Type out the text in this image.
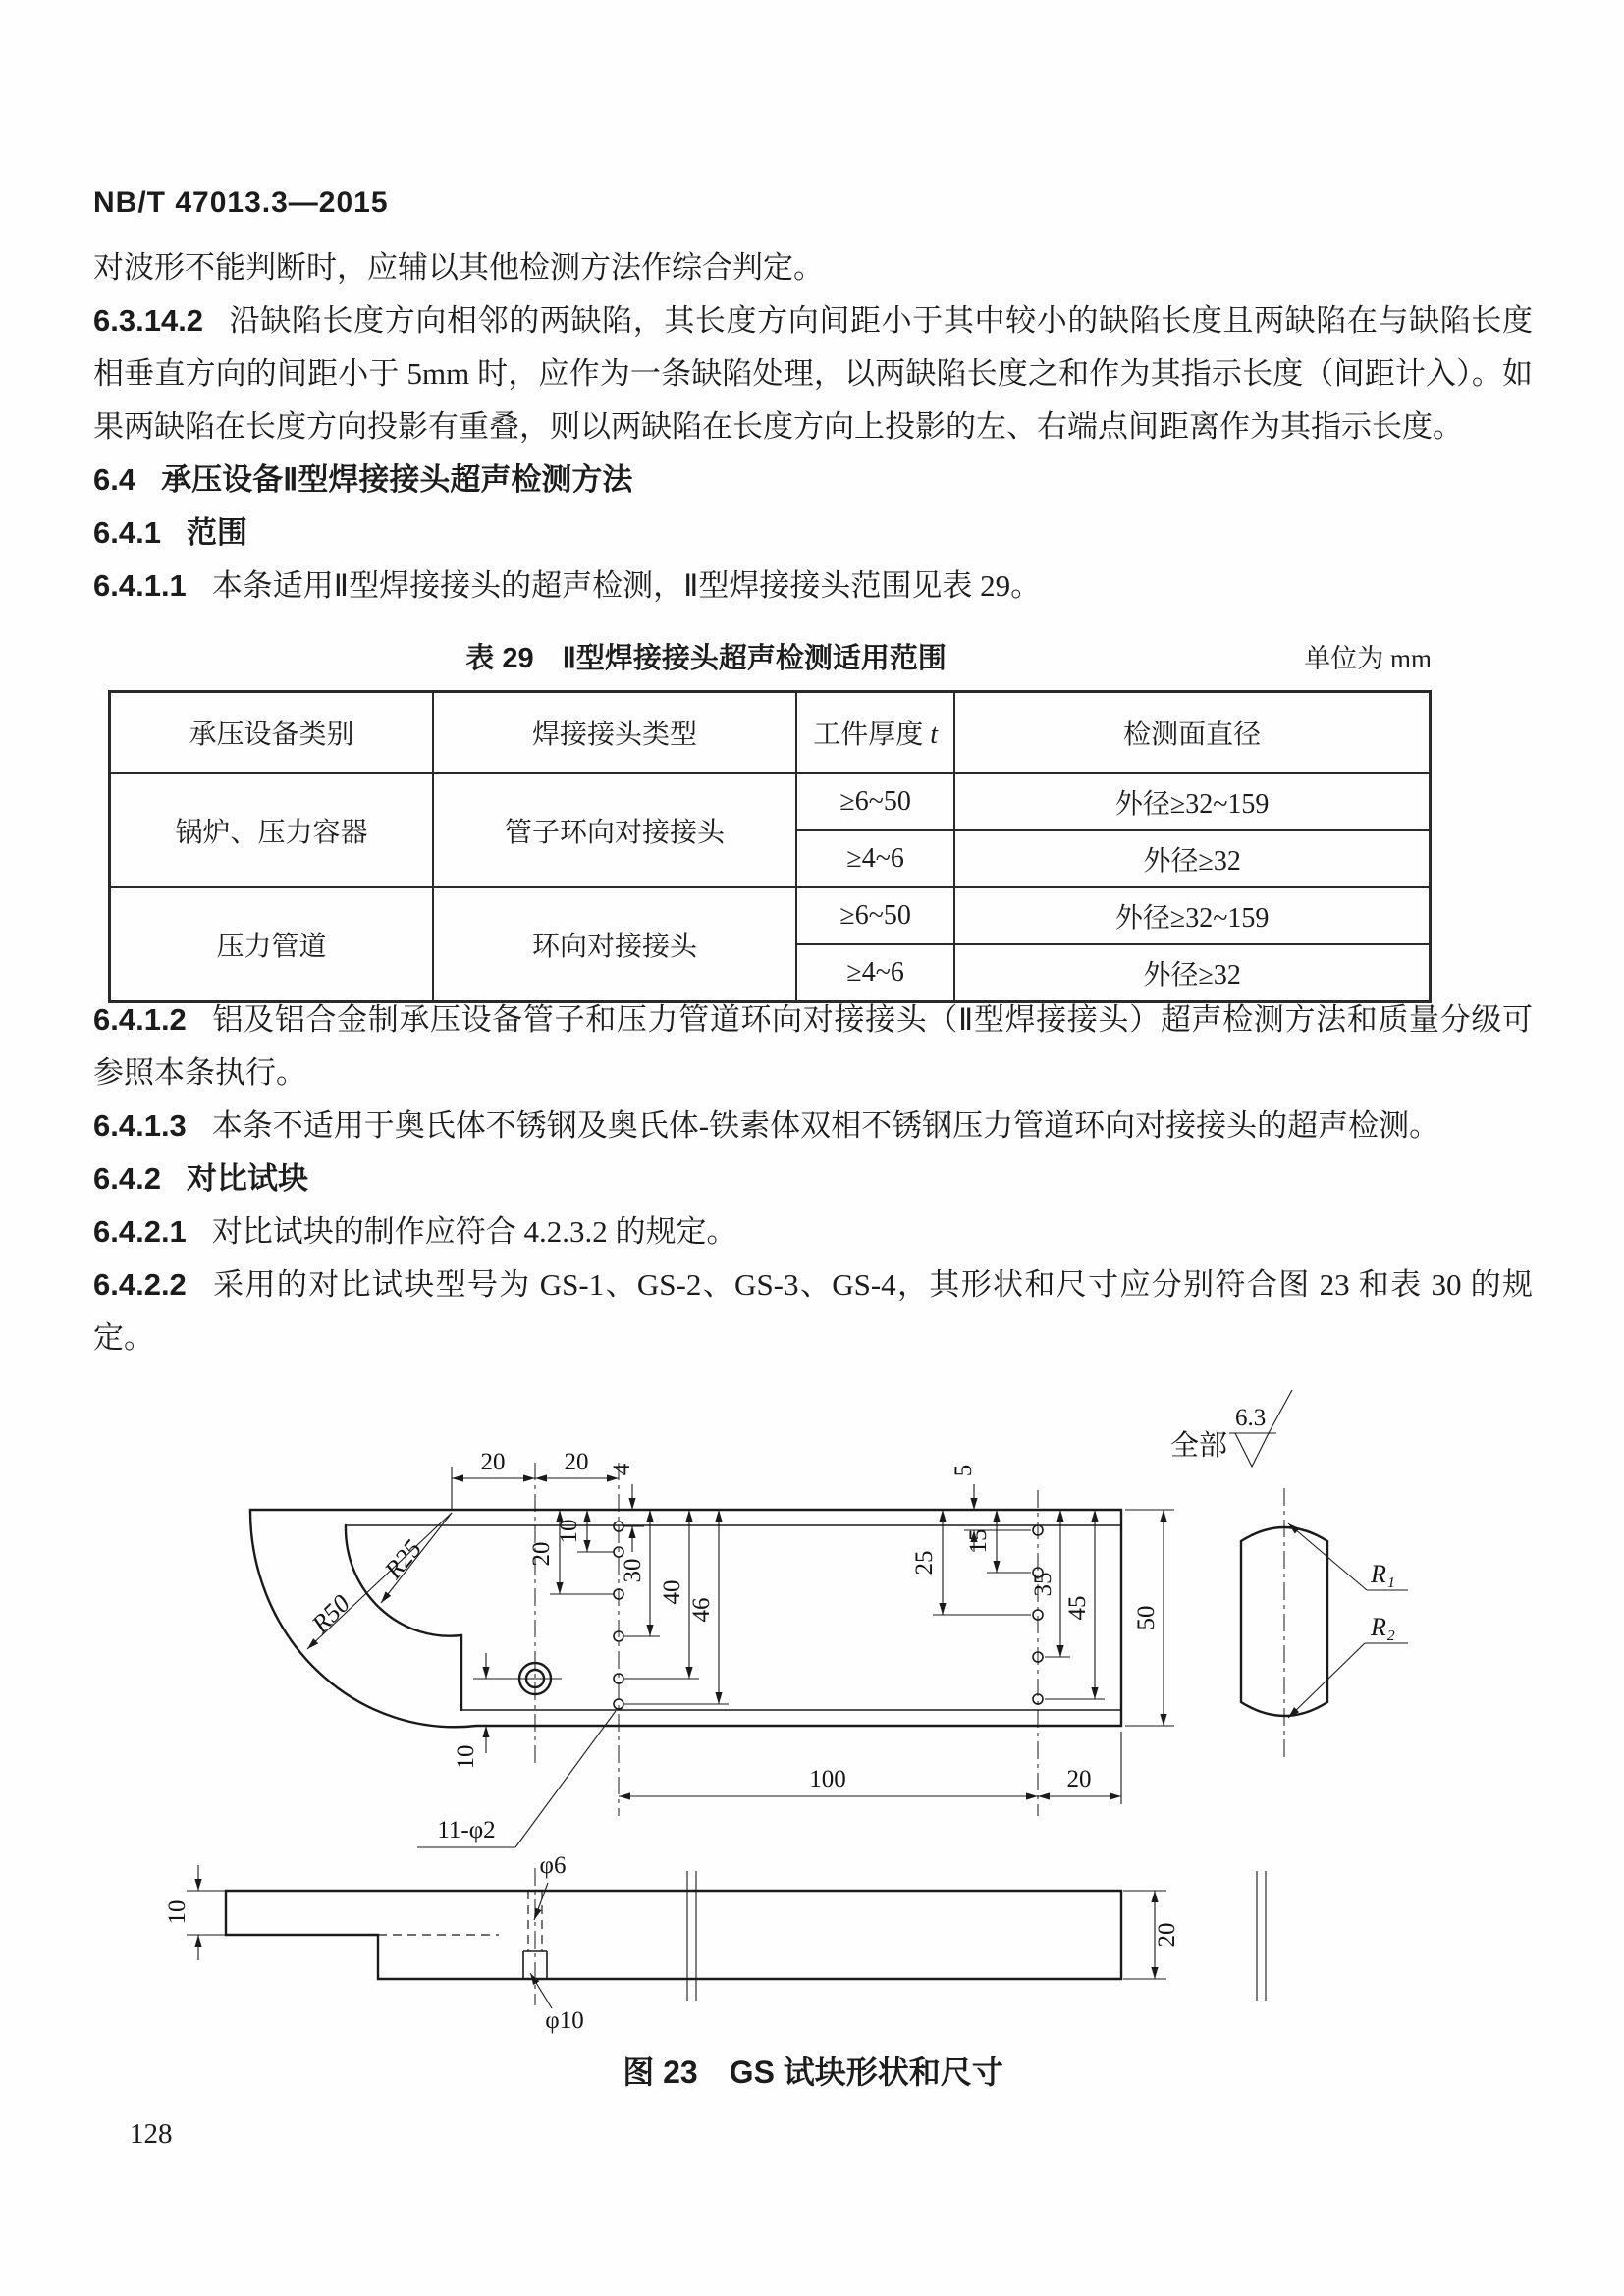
NB/T 47013.3—2015

对波形不能判断时，应辅以其他检测方法作综合判定。

6.3.14.2 沿缺陷长度方向相邻的两缺陷，其长度方向间距小于其中较小的缺陷长度且两缺陷在与缺陷长度相垂直方向的间距小于 5mm 时，应作为一条缺陷处理，以两缺陷长度之和作为其指示长度（间距计入）。如果两缺陷在长度方向投影有重叠，则以两缺陷在长度方向上投影的左、右端点间距离作为其指示长度。

6.4 承压设备Ⅱ型焊接接头超声检测方法

6.4.1 范围

6.4.1.1 本条适用Ⅱ型焊接接头的超声检测，Ⅱ型焊接接头范围见表 29。

表 29　Ⅱ型焊接接头超声检测适用范围	单位为 mm
承压设备类别	焊接接头类型	工件厚度 t	检测面直径
锅炉、压力容器	管子环向对接接头	≥6~50	外径≥32~159
		≥4~6	外径≥32
压力管道	环向对接接头	≥6~50	外径≥32~159
		≥4~6	外径≥32

6.4.1.2 铝及铝合金制承压设备管子和压力管道环向对接接头（Ⅱ型焊接接头）超声检测方法和质量分级可参照本条执行。

6.4.1.3 本条不适用于奥氏体不锈钢及奥氏体-铁素体双相不锈钢压力管道环向对接接头的超声检测。

6.4.2 对比试块

6.4.2.1 对比试块的制作应符合 4.2.3.2 的规定。

6.4.2.2 采用的对比试块型号为 GS-1、GS-2、GS-3、GS-4，其形状和尺寸应分别符合图 23 和表 30 的规定。

20 20 4
10
20
30
40
46
5
15
25
35
45 50
100	20
10
11-φ2
R50
R25
全部
6.3
R₁
R₂
φ6
φ10
10
20
图 23　GS 试块形状和尺寸
128
